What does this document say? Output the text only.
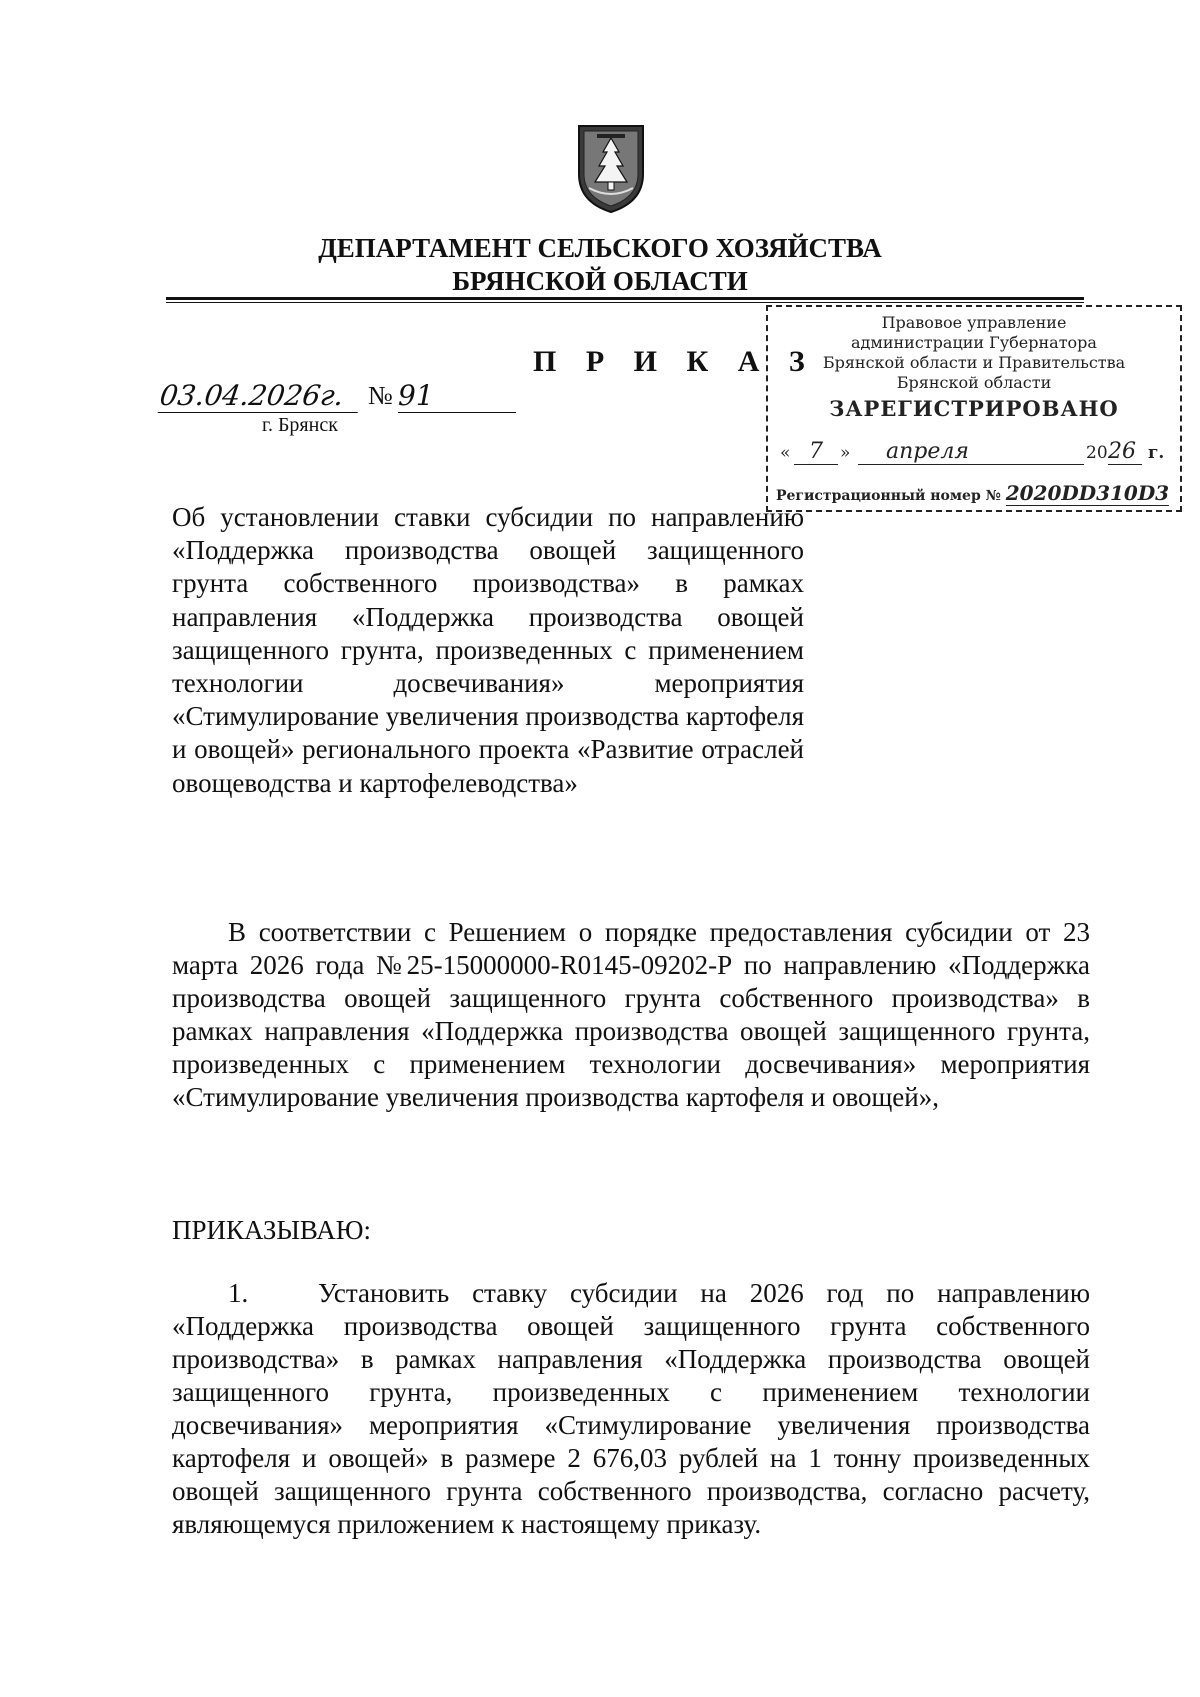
ДЕПАРТАМЕНТ СЕЛЬСКОГО ХОЗЯЙСТВА
БРЯНСКОЙ ОБЛАСТИ
П Р И К А З
03.04.2026г. № 91
г. Брянск
Правовое управление
администрации Губернатора
Брянской области и Правительства
Брянской области
ЗАРЕГИСТРИРОВАНО
« 7	»	апреля	20 26 г.
Регистрационный номер № 2020DD310D3
Об установлении ставки субсидии по направлению «Поддержка производства овощей защищенного грунта собственного производства» в рамках направления «Поддержка производства овощей защищенного грунта, произведенных с применением технологии досвечивания» мероприятия «Стимулирование увеличения производства картофеля и овощей» регионального проекта «Развитие отраслей овощеводства и картофелеводства»
В соответствии с Решением о порядке предоставления субсидии от 23 марта 2026 года №25-15000000-R0145-09202-Р по направлению «Поддержка производства овощей защищенного грунта собственного производства» в рамках направления «Поддержка производства овощей защищенного грунта, произведенных с применением технологии досвечивания» мероприятия «Стимулирование увеличения производства картофеля и овощей»,
ПРИКАЗЫВАЮ:
1.	Установить ставку субсидии на 2026 год по направлению «Поддержка производства овощей защищенного грунта собственного производства» в рамках направления «Поддержка производства овощей защищенного грунта, произведенных с применением технологии досвечивания» мероприятия «Стимулирование увеличения производства картофеля и овощей» в размере 2 676,03 рублей на 1 тонну произведенных овощей защищенного грунта собственного производства, согласно расчету, являющемуся приложением к настоящему приказу.
